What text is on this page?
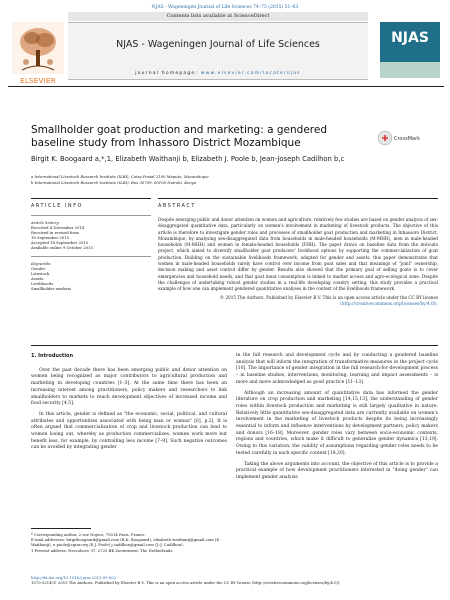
NJAS - Wageningen Journal of Life Sciences 74–75 (2015) 51–63
Contents lists available at ScienceDirect
ELSEVIER
NJAS - Wageningen Journal of Life Sciences
journal homepage: www.elsevier.com/locate/njas
NJAS
Smallholder goat production and marketing: a gendered baseline study from Inhassoro District Mozambique	CrossMark
Birgit K. Boogaard a,*,1, Elizabeth Waithanji b, Elizabeth J. Poole b, Jean-Joseph Cadilhon b,c
a International Livestock Research Institute (ILRI), Caixa Postal 2100 Maputo, Mozambique
b International Livestock Research Institute (ILRI), Box 30709, 00100 Nairobi, Kenya
ARTICLE INFO
Article history:
Received 4 November 2014
Received in revised form
18 September 2015
Accepted 18 September 2015
Available online 9 October 2015
Keywords:
Gender
Livestock
Assets
Livelihoods
Smallholder markets
ABSTRACT
Despite emerging public and donor attention on women and agriculture, relatively few studies are based on gender analysis of sex-disaggregated quantitative data, particularly on women's involvement in marketing of livestock products. The objective of this article is therefore to investigate gender roles and processes of smallholder goat production and marketing in Inhassoro District, Mozambique, by analysing sex-disaggregated data from households in male-headed households (M-MHH), men in male-headed households (M-MHH) and women in female-headed households (FHH). The paper draws on baseline data from the imGoats project, which aimed to diversify smallholder goat producers' livelihood options by supporting the commercialization of goat production. Building on the sustainable livelihoods framework, adapted for gender and assets, this paper demonstrates that women in male-headed households rarely have control over income from goat sales and that meanings of "joint" ownership, decision making and asset control differ by gender. Results also showed that the primary goal of selling goats is to cover emergencies and household needs, and that goat meat consumption is linked to market access and agro-ecological zone. Despite the challenges of undertaking robust gender studies in a real-life developing country setting, this study provides a practical example of how one can implement gendered quantitative analyses in the context of the livelihoods framework.
© 2015 The Authors. Published by Elsevier B.V. This is an open access article under the CC BY license
(http://creativecommons.org/licenses/by/4.0/).
1. Introduction

Over the past decade there has been emerging public and donor attention on women being recognized as major contributors to agricultural production and marketing in developing countries [1–3]. At the same time there has been an increasing interest among practitioners, policy makers and researchers to link smallholders to markets to reach development objectives of increased income and food security [4,5].

In this article, gender is defined as "the economic, social, political, and cultural attributes and opportunities associated with being man or woman" [6], p.2]. It is often argued that commercialization of crop and livestock production can lead to women losing out, whereby as production commercializes, women work more but benefit less, for example, by controlling less income [7–9]. Such negative outcomes can be avoided by integrating gender

in the full research and development cycle and by conducting a gendered baseline analysis that will inform the integration of transformative measures in the project cycle [10]. The importance of gender integration in the full research-for-development process – in baseline studies, interventions, monitoring, learning and impact assessments – is more and more acknowledged as good practice [11–13].

Although an increasing amount of quantitative data has informed the gender literature on crop production and marketing [14,15,13], the understanding of gender roles within livestock production and marketing is still largely qualitative in nature. Relatively little quantitative sex-disaggregated data are currently available on women's involvement in the marketing of livestock products despite its being increasingly essential to inform and influence interventions by development partners, policy makers and donors [16–18]. Moreover, gender roles vary between socio-economic contexts, regions and countries, which make it difficult to generalize gender dynamics [13,19]. Owing to this variation, the validity of assumptions regarding gender roles needs to be tested carefully in each specific context [18,20].

Taking the above arguments into account, the objective of this article is to provide a practical example of how development practitioners interested in "doing gender" can implement gender analysis

* Corresponding author, 2 rue Nojecz, 75014 Paris. France.
E-mail addresses: birgitboogaard@gmail.com (B.K. Boogaard), elizabeth.waithanji@gmail.com (E. Waithanji), e.poole@cgiar.org (E.J. Poole) j.cadilhon@gmail.com (J.-J. Cadilhon).
1 Present address: Nescohove 37, 2725 BK Zoetermeer, The Netherlands
http://dx.doi.org/10.1016/j.njas.2015.09.002
1573-5214/© 2015 The Authors. Published by Elsevier B.V. This is an open access article under the CC BY license (http://creativecommons.org/licenses/by/4.0/).
